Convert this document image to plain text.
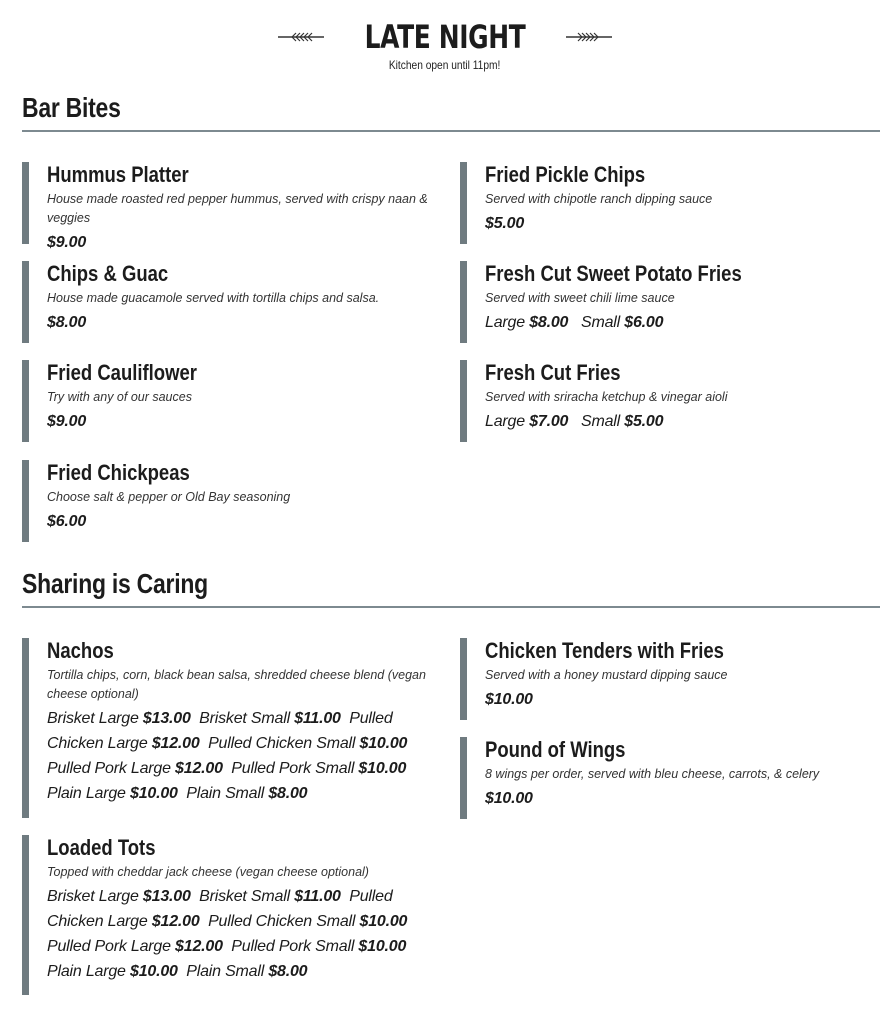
LATE NIGHT
Kitchen open until 11pm!
Bar Bites
Hummus Platter
House made roasted red pepper hummus, served with crispy naan & veggies
$9.00
Fried Pickle Chips
Served with chipotle ranch dipping sauce
$5.00
Chips & Guac
House made guacamole served with tortilla chips and salsa.
$8.00
Fresh Cut Sweet Potato Fries
Served with sweet chili lime sauce
Large $8.00 Small $6.00
Fried Cauliflower
Try with any of our sauces
$9.00
Fresh Cut Fries
Served with sriracha ketchup & vinegar aioli
Large $7.00 Small $5.00
Fried Chickpeas
Choose salt & pepper or Old Bay seasoning
$6.00
Sharing is Caring
Nachos
Tortilla chips, corn, black bean salsa, shredded cheese blend (vegan cheese optional)
Brisket Large $13.00 Brisket Small $11.00 Pulled Chicken Large $12.00 Pulled Chicken Small $10.00  Pulled Pork Large $12.00 Pulled Pork Small $10.00  Plain Large $10.00 Plain Small $8.00
Chicken Tenders with Fries
Served with a honey mustard dipping sauce
$10.00
Pound of Wings
8 wings per order, served with bleu cheese, carrots, & celery
$10.00
Loaded Tots
Topped with cheddar jack cheese (vegan cheese optional)
Brisket Large $13.00 Brisket Small $11.00 Pulled Chicken Large $12.00 Pulled Chicken Small $10.00  Pulled Pork Large $12.00 Pulled Pork Small $10.00  Plain Large $10.00 Plain Small $8.00
